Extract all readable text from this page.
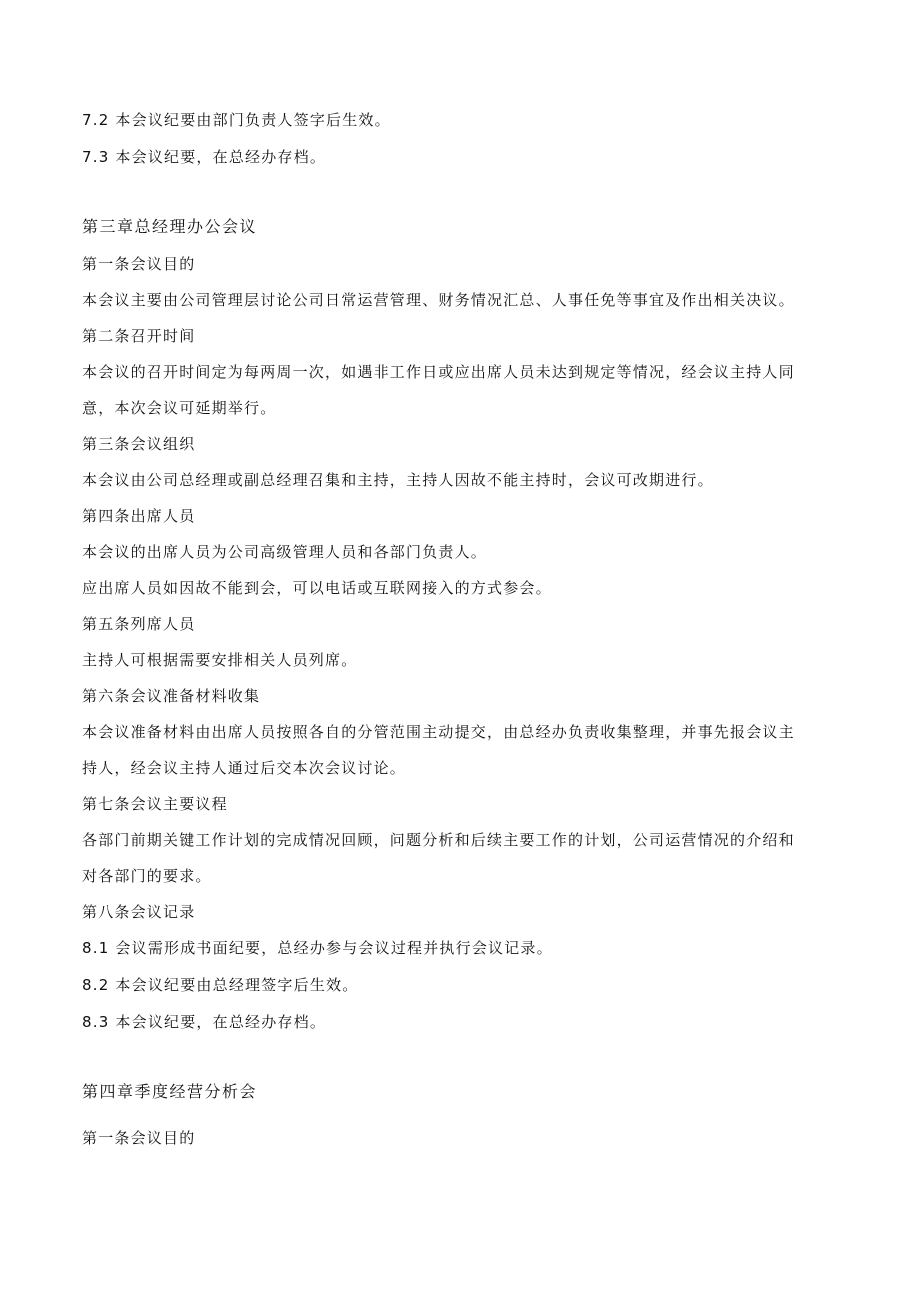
7.2 本会议纪要由部门负责人签字后生效。
7.3 本会议纪要，在总经办存档。
第三章总经理办公会议
第一条会议目的
本会议主要由公司管理层讨论公司日常运营管理、财务情况汇总、人事任免等事宜及作出相关决议。
第二条召开时间
本会议的召开时间定为每两周一次，如遇非工作日或应出席人员未达到规定等情况，经会议主持人同
意，本次会议可延期举行。
第三条会议组织
本会议由公司总经理或副总经理召集和主持，主持人因故不能主持时，会议可改期进行。
第四条出席人员
本会议的出席人员为公司高级管理人员和各部门负责人。
应出席人员如因故不能到会，可以电话或互联网接入的方式参会。
第五条列席人员
主持人可根据需要安排相关人员列席。
第六条会议准备材料收集
本会议准备材料由出席人员按照各自的分管范围主动提交，由总经办负责收集整理，并事先报会议主
持人，经会议主持人通过后交本次会议讨论。
第七条会议主要议程
各部门前期关键工作计划的完成情况回顾，问题分析和后续主要工作的计划，公司运营情况的介绍和
对各部门的要求。
第八条会议记录
8.1 会议需形成书面纪要，总经办参与会议过程并执行会议记录。
8.2 本会议纪要由总经理签字后生效。
8.3 本会议纪要，在总经办存档。
第四章季度经营分析会
第一条会议目的
